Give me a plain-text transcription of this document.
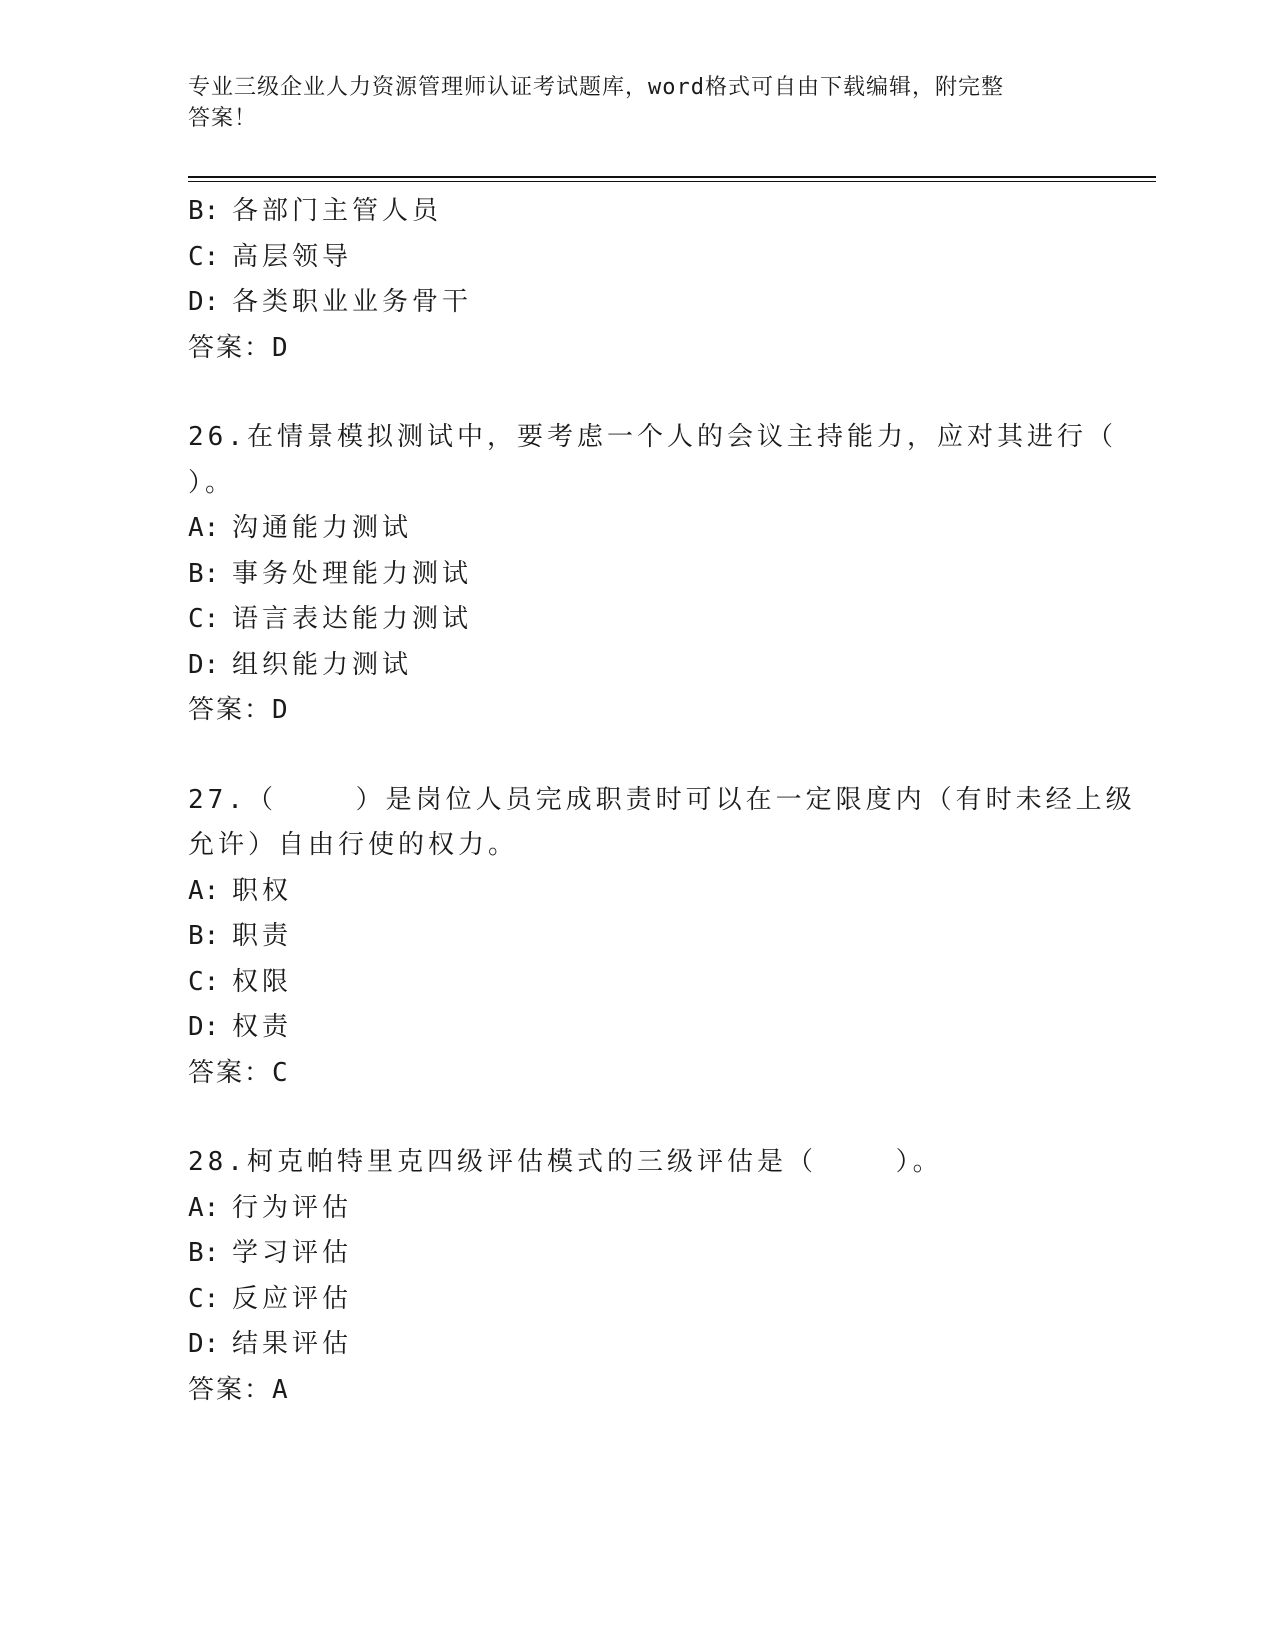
专业三级企业人力资源管理师认证考试题库，word格式可自由下载编辑，附完整
答案！
B: 各部门主管人员
C: 高层领导
D: 各类职业业务骨干
答案：D
26.在情景模拟测试中，要考虑一个人的会议主持能力，应对其进行（
）。
A: 沟通能力测试
B: 事务处理能力测试
C: 语言表达能力测试
D: 组织能力测试
答案：D
27.（    ）是岗位人员完成职责时可以在一定限度内（有时未经上级
允许）自由行使的权力。
A: 职权
B: 职责
C: 权限
D: 权责
答案：C
28.柯克帕特里克四级评估模式的三级评估是（    ）。
A: 行为评估
B: 学习评估
C: 反应评估
D: 结果评估
答案：A
